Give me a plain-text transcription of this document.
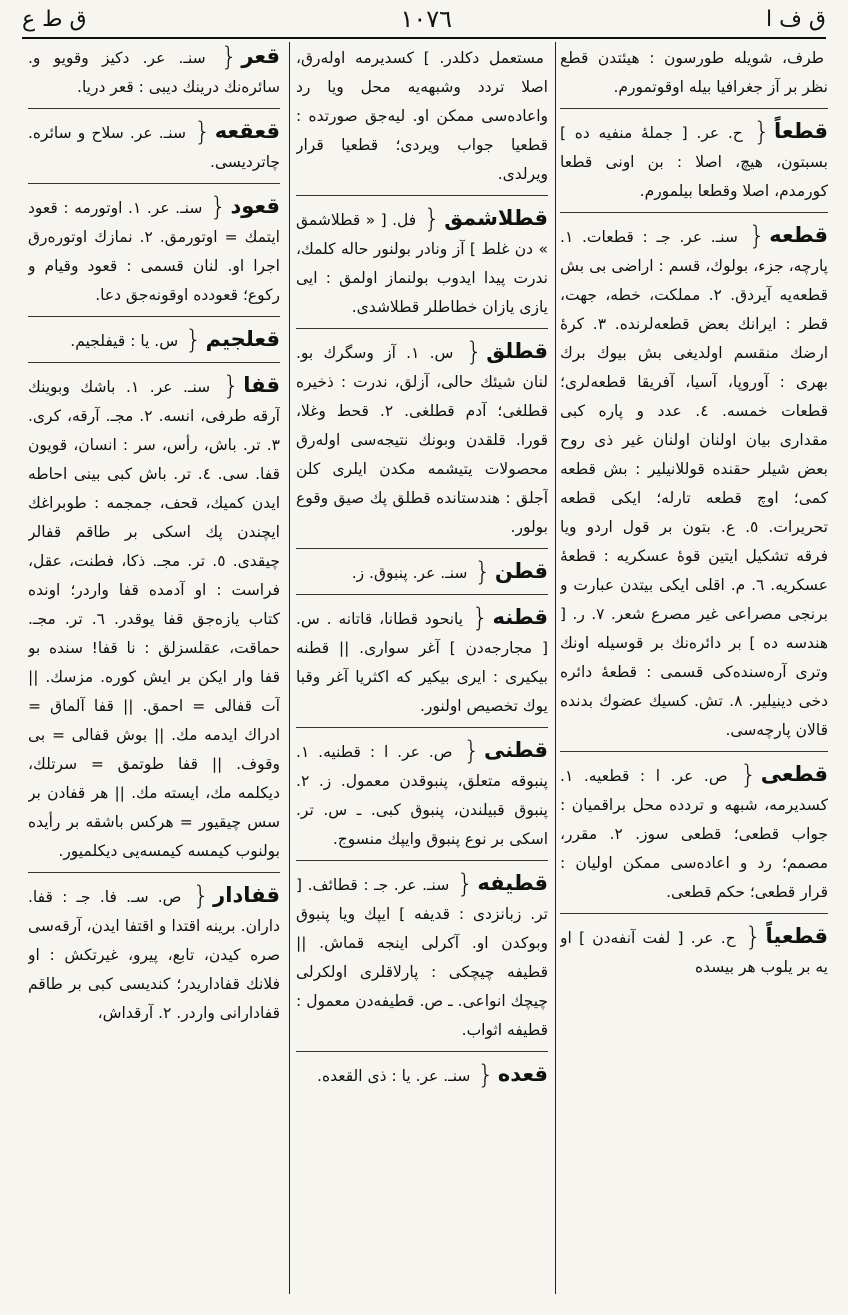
ق ط ع	١٠٧٦	ق ف ا
طرف، شويله طورسون : هيئتدن قطع نظر بر آز جغرافيا بيله اوقوتمورم.
قطعاً{ ح. عر. [ جملهٔ منفيه ده ] بسبتون، هيچ، اصلا : بن اونى قطعا كورمدم، اصلا وقطعا بيلمورم.
قطعه{ سنـ. عر. جـ : قطعات. ١. پارچه، جزء، بولوك، قسم : اراضى بى بش قطعه‌يه آيردق. ٢. مملكت، خطه، جهت، قطر : ايرانك بعض قطعه‌لرنده. ٣. كرهٔ ارضك منقسم اولديغى بش بيوك برك بهرى : آوروپا، آسيا، آفريقا قطعه‌لرى؛ قطعات خمسه. ٤. عدد و پاره كبى مقدارى بيان اولنان اولنان غير ذى روح بعض شيلر حقنده قوللانيلير : بش قطعه كمى؛ اوچ قطعه تارله؛ ايكى قطعه تحريرات. ٥. ع. بتون بر قول اردو ويا فرقه تشكيل ايتين قوهٔ عسكريه : قطعهٔ عسكريه. ٦. م. اقلى ايكى بيتدن عبارت و برنجى مصراعى غير مصرع شعر. ٧. ر. [ هندسه ده ] بر دائره‌نك بر قوسيله اونك وترى آره‌سنده‌كى قسمى : قطعهٔ دائره دخى دينيلير. ٨. تش. كسيك عضوك بدنده قالان پارچه‌سى.
قطعى{ ص. عر. ا : قطعيه. ١. كسديرمه، شبهه و تردده محل براقميان : جواب قطعى؛ قطعى سوز. ٢. مقرر، مصمم؛ رد و اعاده‌سى ممكن اوليان : قرار قطعى؛ حكم قطعى.
قطعياً{ ح. عر. [ لفت آنفه‌دن ] او يه بر يلوب هر بيسده
مستعمل دكلدر. ] كسديرمه اوله‌رق، اصلا تردد وشبهه‌يه محل ويا رد واعاده‌سى ممكن او. ليه‌جق صورتده : قطعيا جواب ويردى؛ قطعيا قرار ويرلدى.
قطلاشمق{ فل. [ « قطلاشمق » دن غلط ] آز ونادر بولنور حاله كلمك، ندرت پيدا ايدوب بولنماز اولمق : ايى يازى يازان خطاطلر قطلاشدى.
قطلق{ س. ١. آز وسگرك بو. لنان شيئك حالى، آزلق، ندرت : ذخيره قطلغى؛ آدم قطلغى. ٢. قحط وغلا، قورا. قلقدن وبونك نتيجه‌سى اوله‌رق محصولات يتيشمه مكدن ايلرى كلن آجلق : هندستانده قطلق پك صيق وقوع بولور.
قطن{ سنـ. عر. پنبوق. ز.
قطنه{ يانحود قطانا، قاتانه . س. [ مجارجه‌دن ] آغر سوارى. || قطنه بيكيرى : ايرى بيكير كه اكثريا آغر وقبا يوك تخصيص اولنور.
قطنى{ ص. عر. ا : قطنيه. ١. پنبوقه متعلق، پنبوقدن معمول. ز. ٢. پنبوق قبيلندن، پنبوق كبى. ـ س. تر. اسكى بر نوع پنبوق وايپك منسوج.
قطيفه{ سنـ. عر. جـ : قطائف. [ تر. زبانزدى : قديفه ] ايپك ويا پنبوق وبوكدن او. آكرلى اينجه قماش. || قطيفه چيچكى : پارلاقلرى اولكرلى چيچك انواعى. ـ ص. قطيفه‌دن معمول : قطيفه اثواب.
قعده{ سنـ. عر. يا : ذى القعده.
قعر{ سنـ. عر. دكيز وقويو و. سائره‌نك درينك ديبى : قعر دريا.
قعقعه{ سنـ. عر. سلاح و سائره. چاترديسى.
قعود{ سنـ. عر. ١. اوتورمه : قعود ايتمك = اوتورمق. ٢. نمازك اوتوره‌رق اجرا او. لنان قسمى : قعود وقيام و ركوع؛ قعودده اوقونه‌جق دعا.
قعلجيم{ س. يا : قيفلجيم.
قفا{ سنـ. عر. ١. باشك وبوينك آرقه طرفى، انسه. ٢. مجـ. آرقه، كرى. ٣. تر. باش، رأس، سر : انسان، قويون قفا. سى. ٤. تر. باش كبى بينى احاطه ايدن كميك، قحف، جمجمه : طوبراغك ايچندن پك اسكى بر طاقم قفالر چيقدى. ٥. تر. مجـ. ذكا، فطنت، عقل، فراست : او آدمده قفا واردر؛ اونده كتاب يازه‌جق قفا يوقدر. ٦. تر. مجـ. حماقت، عقلسزلق : نا قفا! سنده بو قفا وار ايكن بر ايش كوره. مزسك. || آت قفالى = احمق. || قفا آلماق = ادراك ايدمه مك. || بوش قفالى = بى وقوف. || قفا طوتمق = سرتلك، ديكلمه مك، ايسته مك. || هر قفادن بر سس چيقيور = هركس باشقه بر رأيده بولنوب كيمسه كيمسه‌يى ديكلميور.
قفادار{ ص. سـ. فا. جـ : قفا. داران. برينه اقتدا و اقتفا ايدن، آرقه‌سى صره كيدن، تابع، پيرو، غيرتكش : او فلانك قفاداريدر؛ كنديسى كبى بر طاقم قفادارانى واردر. ٢. آرقداش،
